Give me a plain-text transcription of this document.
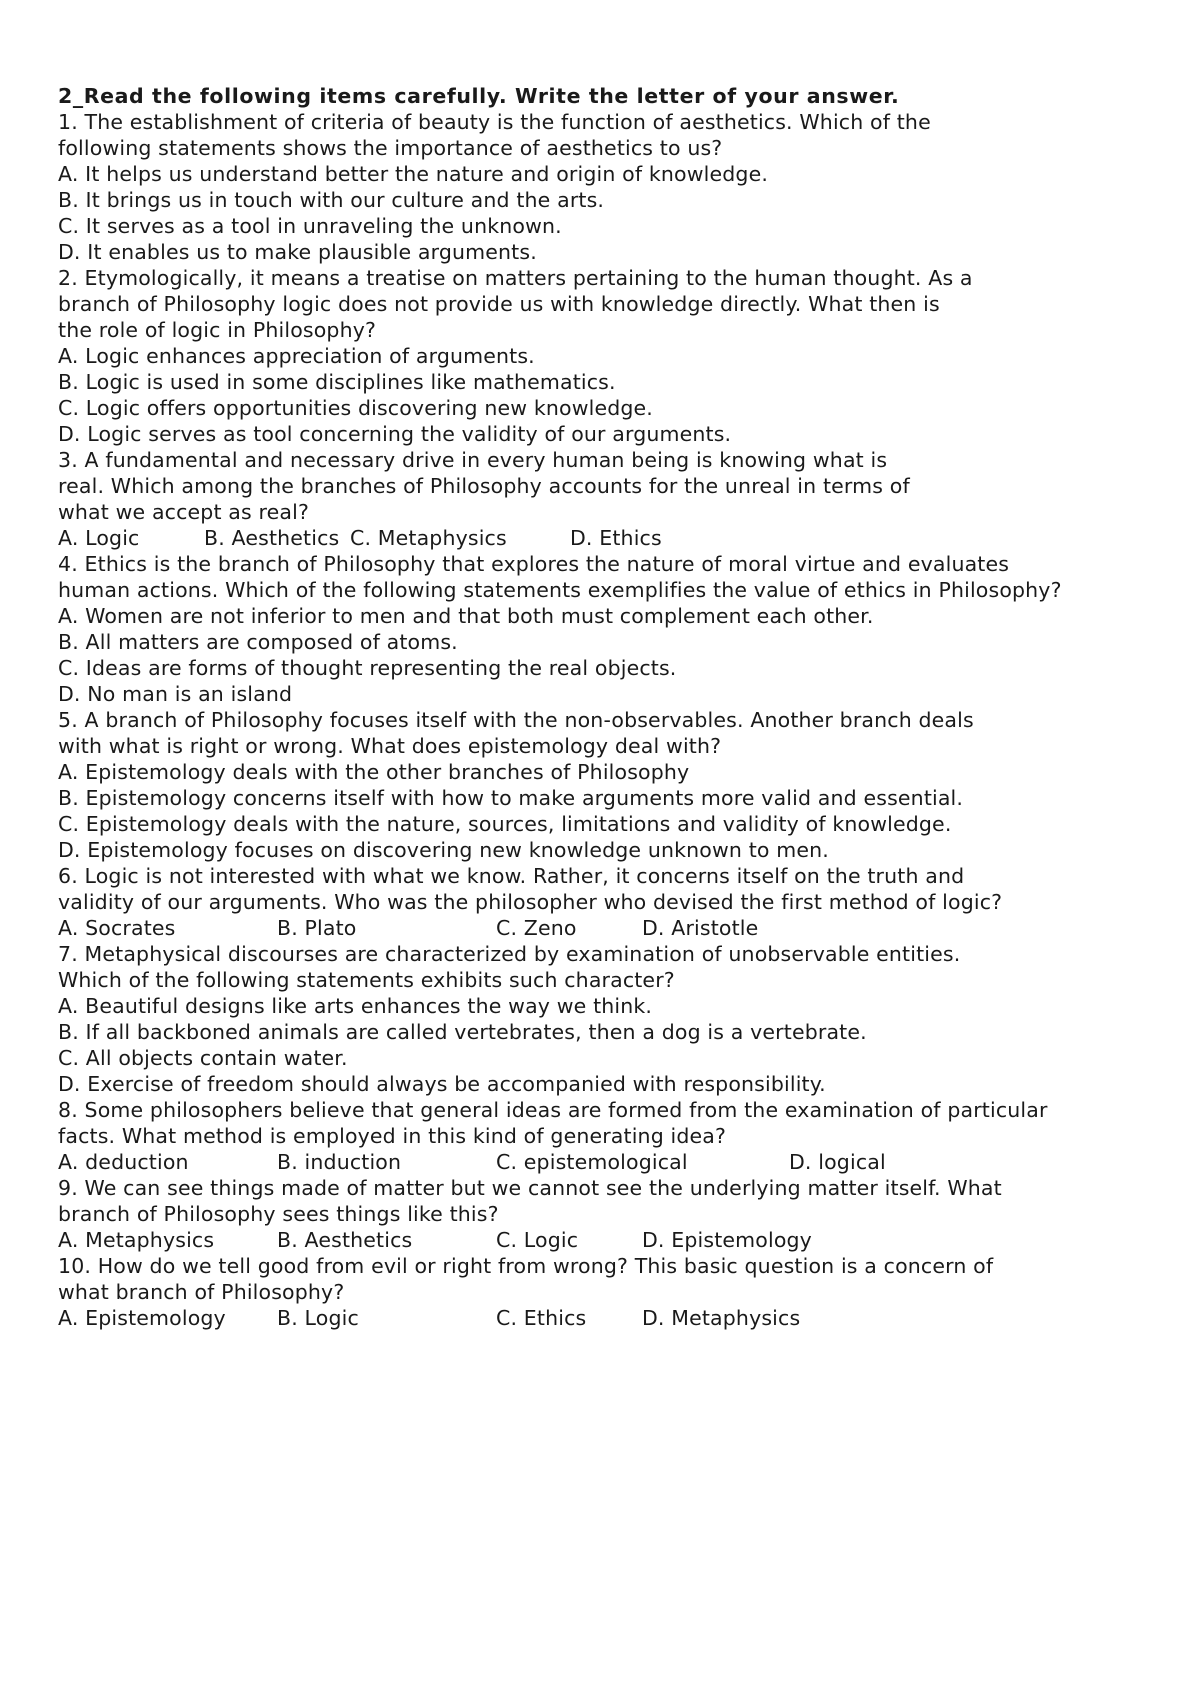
2_Read the following items carefully. Write the letter of your answer.
1. The establishment of criteria of beauty is the function of aesthetics. Which of the
following statements shows the importance of aesthetics to us?
A. It helps us understand better the nature and origin of knowledge.
B. It brings us in touch with our culture and the arts.
C. It serves as a tool in unraveling the unknown.
D. It enables us to make plausible arguments.
2. Etymologically, it means a treatise on matters pertaining to the human thought. As a
branch of Philosophy logic does not provide us with knowledge directly. What then is
the role of logic in Philosophy?
A. Logic enhances appreciation of arguments.
B. Logic is used in some disciplines like mathematics.
C. Logic offers opportunities discovering new knowledge.
D. Logic serves as tool concerning the validity of our arguments.
3. A fundamental and necessary drive in every human being is knowing what is
real. Which among the branches of Philosophy accounts for the unreal in terms of
what we accept as real?
A. Logic	B. Aesthetics C. Metaphysics	D. Ethics
4. Ethics is the branch of Philosophy that explores the nature of moral virtue and evaluates
human actions. Which of the following statements exemplifies the value of ethics in Philosophy?
A. Women are not inferior to men and that both must complement each other.
B. All matters are composed of atoms.
C. Ideas are forms of thought representing the real objects.
D. No man is an island
5. A branch of Philosophy focuses itself with the non-observables. Another branch deals
with what is right or wrong. What does epistemology deal with?
A. Epistemology deals with the other branches of Philosophy
B. Epistemology concerns itself with how to make arguments more valid and essential.
C. Epistemology deals with the nature, sources, limitations and validity of knowledge.
D. Epistemology focuses on discovering new knowledge unknown to men.
6. Logic is not interested with what we know. Rather, it concerns itself on the truth and
validity of our arguments. Who was the philosopher who devised the first method of logic?
A. Socrates	B. Plato	C. Zeno	D. Aristotle
7. Metaphysical discourses are characterized by examination of unobservable entities.
Which of the following statements exhibits such character?
A. Beautiful designs like arts enhances the way we think.
B. If all backboned animals are called vertebrates, then a dog is a vertebrate.
C. All objects contain water.
D. Exercise of freedom should always be accompanied with responsibility.
8. Some philosophers believe that general ideas are formed from the examination of particular
facts. What method is employed in this kind of generating idea?
A. deduction	B. induction	C. epistemological	D. logical
9. We can see things made of matter but we cannot see the underlying matter itself. What
branch of Philosophy sees things like this?
A. Metaphysics	B. Aesthetics	C. Logic	D. Epistemology
10. How do we tell good from evil or right from wrong? This basic question is a concern of
what branch of Philosophy?
A. Epistemology B. Logic	C. Ethics	D. Metaphysics
